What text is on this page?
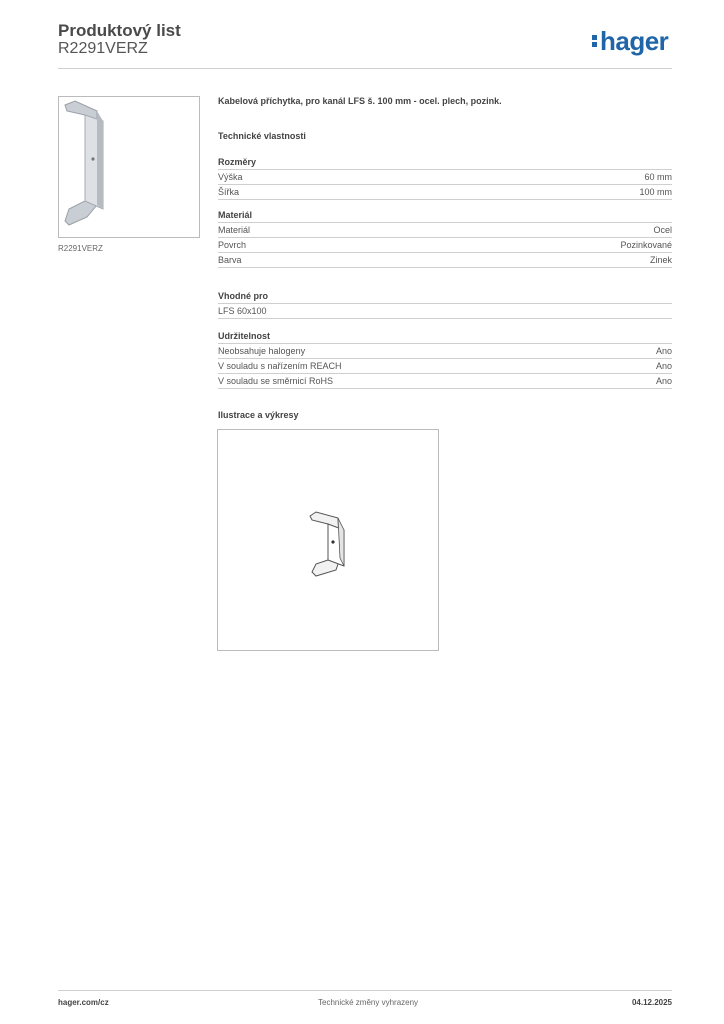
Produktový list
R2291VERZ	hager
R2291VERZ
Kabelová příchytka, pro kanál LFS š. 100 mm - ocel. plech, pozink.
Technické vlastnosti
Rozměry
Výška	60 mm
Šířka	100 mm
Materiál
Materiál	Ocel
Povrch	Pozinkované
Barva	Zinek
Vhodné pro
LFS 60x100
Udržitelnost
Neobsahuje halogeny	Ano
V souladu s nařízením REACH	Ano
V souladu se směrnicí RoHS	Ano
Ilustrace a výkresy
hager.com/cz	Technické změny vyhrazeny	04.12.2025
